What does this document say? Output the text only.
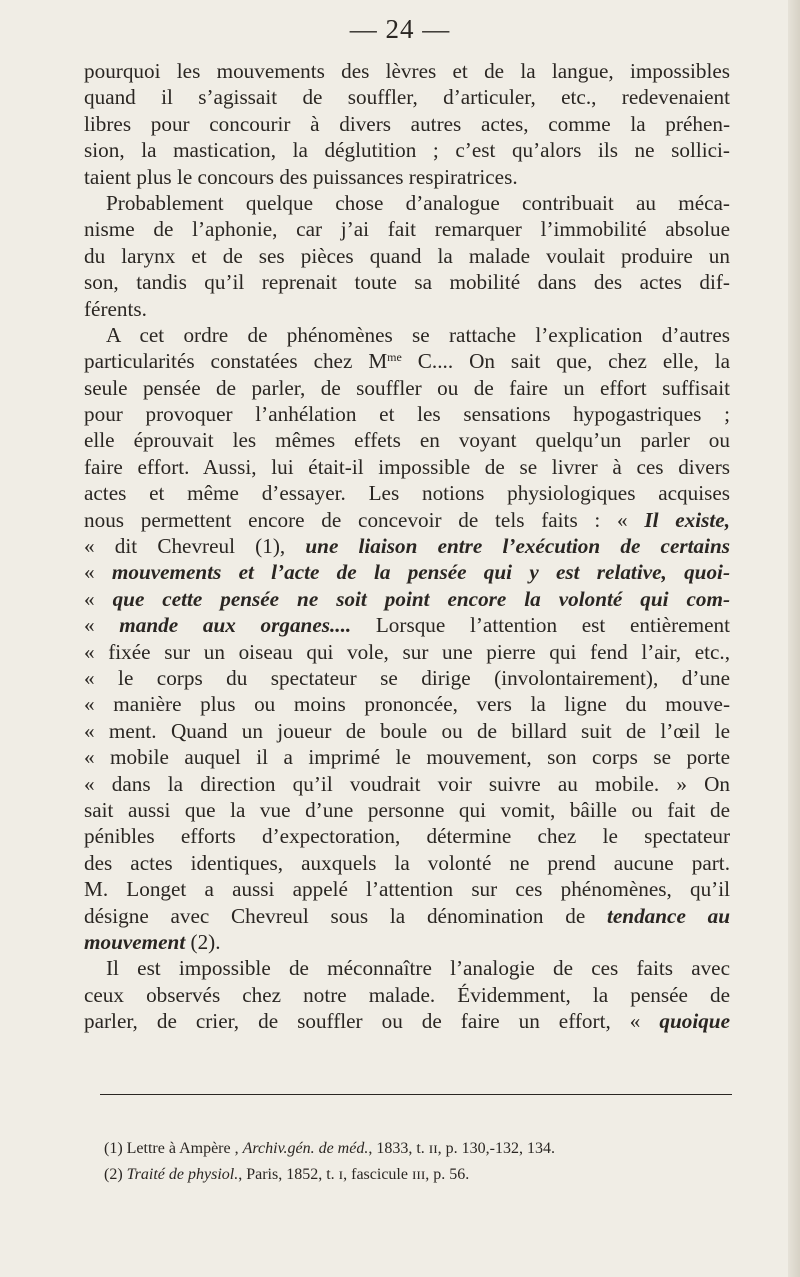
— 24 —
pourquoi les mouvements des lèvres et de la langue, impossibles
quand il s’agissait de souffler, d’articuler, etc., redevenaient
libres pour concourir à divers autres actes, comme la préhen-
sion, la mastication, la déglutition ; c’est qu’alors ils ne sollici-
taient plus le concours des puissances respiratrices.
Probablement quelque chose d’analogue contribuait au méca-
nisme de l’aphonie, car j’ai fait remarquer l’immobilité absolue
du larynx et de ses pièces quand la malade voulait produire un
son, tandis qu’il reprenait toute sa mobilité dans des actes dif-
férents.
A cet ordre de phénomènes se rattache l’explication d’autres
particularités constatées chez $M^{me}$ C.... On sait que, chez elle, la
seule pensée de parler, de souffler ou de faire un effort suffisait
pour provoquer l’anhélation et les sensations hypogastriques ;
elle éprouvait les mêmes effets en voyant quelqu’un parler ou
faire effort. Aussi, lui était-il impossible de se livrer à ces divers
actes et même d’essayer. Les notions physiologiques acquises
nous permettent encore de concevoir de tels faits : « Il existe,
« dit Chevreul (1), une liaison entre l’exécution de certains
« mouvements et l’acte de la pensée qui y est relative, quoi-
« que cette pensée ne soit point encore la volonté qui com-
« mande aux organes.... Lorsque l’attention est entièrement
« fixée sur un oiseau qui vole, sur une pierre qui fend l’air, etc.,
« le corps du spectateur se dirige (involontairement), d’une
« manière plus ou moins prononcée, vers la ligne du mouve-
« ment. Quand un joueur de boule ou de billard suit de l’œil le
« mobile auquel il a imprimé le mouvement, son corps se porte
« dans la direction qu’il voudrait voir suivre au mobile. » On
sait aussi que la vue d’une personne qui vomit, bâille ou fait de
pénibles efforts d’expectoration, détermine chez le spectateur
des actes identiques, auxquels la volonté ne prend aucune part.
M. Longet a aussi appelé l’attention sur ces phénomènes, qu’il
désigne avec Chevreul sous la dénomination de tendance au
mouvement (2).
Il est impossible de méconnaître l’analogie de ces faits avec
ceux observés chez notre malade. Évidemment, la pensée de
parler, de crier, de souffler ou de faire un effort, « quoique
(1) Lettre à Ampère , Archiv.gén. de méd., 1833, t. ɪɪ, p. 130,-132, 134.
(2) Traité de physiol., Paris, 1852, t. ɪ, fascicule ɪɪɪ, p. 56.
